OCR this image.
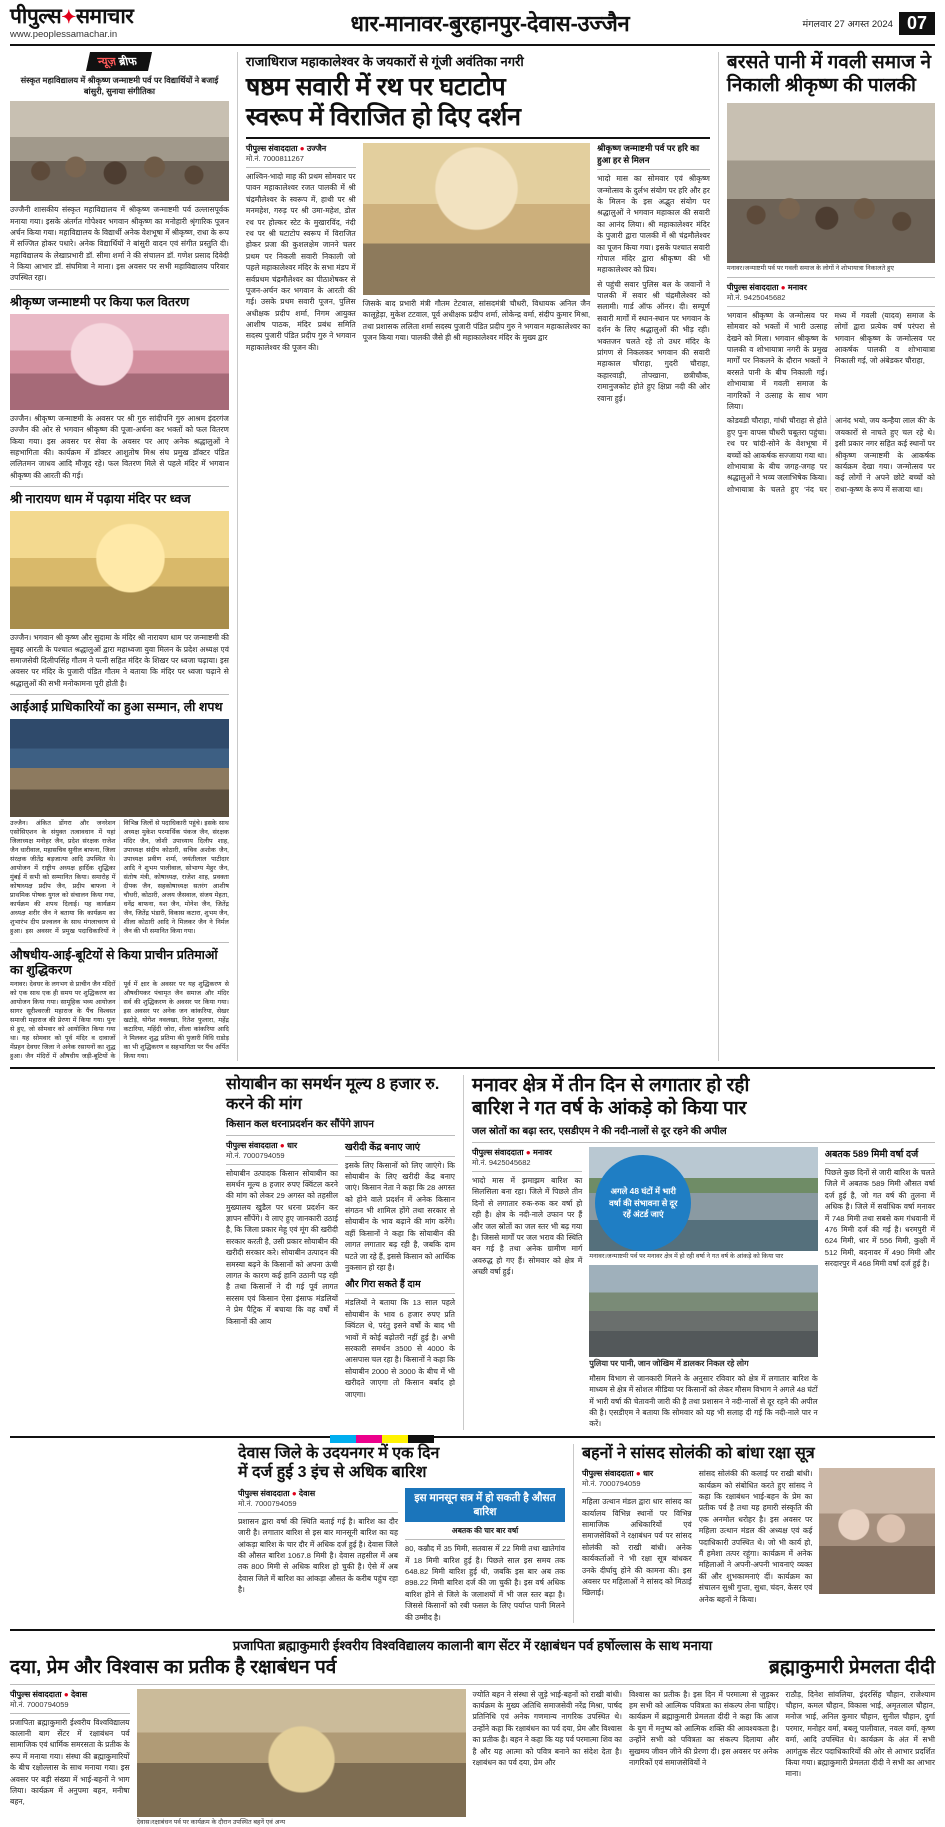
पीपुल्स✦समाचार
www.peoplessamachar.in	धार-मानावर-बुरहानपुर-देवास-उज्जैन	मंगलवार 27 अगस्त 2024 07
न्यूज़ ब्रीफ
संस्कृत महाविद्यालय में श्रीकृष्ण जन्माष्टमी पर्व पर विद्यार्थियों ने बजाई बांसुरी, सुनाया संगीतिका
उज्जैनी शासकीय संस्कृत महाविद्यालय में श्रीकृष्ण जन्माष्टमी पर्व उल्लासपूर्वक मनाया गया। इसके अंतर्गत गोपेश्वर भगवान श्रीकृष्ण का मनोहारी श्रृंगारिक पूजन अर्चन किया गया। महाविद्यालय के विद्यार्थी अनेक वेशभूषा में श्रीकृष्ण, राधा के रूप में सज्जित होकर पधारे। अनेक विद्यार्थियों ने बांसुरी वादन एवं संगीत प्रस्तुति दी। महाविद्यालय के लेखाप्रभारी डॉ. सीमा शर्मा ने की संचालन डॉ. गणेश प्रसाद दिवेदी ने किया आभार डॉ. संघमित्रा ने माना। इस अवसर पर सभी महाविद्यालय परिवार उपस्थित रहा।
श्रीकृष्ण जन्माष्टमी पर किया फल वितरण
उज्जैन। श्रीकृष्ण जन्माष्टमी के अवसर पर श्री गुरु सांदीपनि गुरु आश्रम इंदरगंज उज्जैन की ओर से भगवान श्रीकृष्ण की पूजा-अर्चना कर भक्तों को फल वितरण किया गया। इस अवसर पर सेवा के अवसर पर आए अनेक श्रद्धालुओं ने सहभागिता की। कार्यक्रम में डॉक्टर आशुतोष मिश्र संघ प्रमुख डॉक्टर पंडित ललितमन जाधव आदि मौजूद रहे। फल वितरण मिले से पहले मंदिर में भगवान श्रीकृष्ण की आरती की गई।
श्री नारायण धाम में पढ़ाया मंदिर पर ध्वज
उज्जैन। भगवान श्री कृष्ण और सुदामा के मंदिर श्री नारायण धाम पर जन्माष्टमी की सुबह आरती के पश्चात श्रद्धालुओं द्वारा महाध्वजा युवा मिलन के प्रदेश अध्यक्ष एवं समाजसेवी दिलीपसिंह गौतम ने पत्नी सहित मंदिर के शिखर पर ध्वजा चढ़ाया। इस अवसर पर मंदिर के पुजारी पंडित गौतम ने बताया कि मंदिर पर ध्वजा चढ़ाने से श्रद्धालुओं की सभी मनोकामना पूरी होती है।
आईआई प्राधिकारियों का हुआ सम्मान, ली शपथ
उज्जैन। अंकित डोंगरा और जनरेशन एसोसिएशन के संयुक्त तत्वावधान में यहां जिलाध्यक्ष मनोहर जैन, प्रदेश संरक्षक राजेश जैन धारीवाल, महासचिव सुनील बाफना, जिला संरक्षक जीतेंद्र बड़जात्या आदि उपस्थित थे। आयोजन में राष्ट्रीय अध्यक्ष हार्दिक शुद्धिका मुंबई में सभी को सम्मानित किया। समारोह में कोषाध्यक्ष प्रदीप जैन, प्रदीप बाफना ने प्राथमिक पोषक युगल को संचालन किया गया, कार्यक्रम की शपथ दिलाई। यह कार्यक्रम अध्यक्ष शरीर जैन ने बताया कि कार्यक्रम का शुभारंभ दीप प्रज्वलन के साथ मंगलाचरण से हुआ। इस अवसर में प्रमुख पदाधिकारियों ने विभिन्न जिलों से पदाधिकारी पहुंचे। इसके साथ अध्यक्ष मुकेश परमार्थिक पंकज जैन, संरक्षक मंदिर जैन, जोशी उपाध्याय दिलीप शाह, उपाध्यक्ष संदीप कोठारी, सचिव अशोक जैन, उपाध्यक्ष प्रवीण शर्मा, जयंतीलाल पाटीदार आदि ने शुभम पालीवाल, सोभाग्य मेहुर जैन, संतोष मंत्री, कोषाध्यक्ष, राजेश शाह, प्रवक्ता दीपक जैन, सहकोषाध्यक्ष सतरंग आशीष चौधरी, कोठारी, अजय जैसवाल, संजय मेहता, धनेंद्र बाफना, यश जैन, मोनेश जैन, जितेंद्र जैन, जितेंद्र भंडारी, विकास कटारा, शुभम जैन, शीला कोठारी आदि ने मिलकर जैन ने निर्मल जैन की भी समानित किया गया।
औषधीय-आई-बूटियों से किया प्राचीन प्रतिमाओं का शुद्धिकरण
मनावर। देवघर के लगभग से प्राचीन जैन मंदिरों को एक साथ एक ही समय पर शुद्धिकरण का आयोजन किया गया। सामूहिक भव्य आयोजन सागर सूरीश्वरजी महाराज के पैंच विश्वस्त समाजी महाराज की प्रेरणा में किया गया। पुनः से हुए, जो सोमवार को आयोजित किया गया था। यह सोमवार को पूर्व मंदिर व दावाजों मेंप्रहन देवघर जिला ने अनेक रसायनों का शुद्ध हुआ। जैन मंदिरों में औषधीय जड़ी-बूटियों के पूर्व में क्षार के अवसर पर यह शुद्धिकरण से औषधीयकर पंचामृत जैन समाज और मंदिर सर्व की शुद्धिकरण के अवसर पर किया गया। इस अवसर पर अनेक जन कांकरिया, सेखर खटोड़े, योगेश नवलखा, रितेश फुलारा, महेंद्र कटारिया, महिंदी जोरा, शीला कांकरिया आदि ने मिलकर शुद्ध प्रतिमा की पुजारी विधि राडोड़ का भी शुद्धिकरण व सहभागिता पर पैंच अर्पित किया गया।
राजाधिराज महाकालेश्वर के जयकारों से गूंजी अवंतिका नगरी
षष्ठम सवारी में रथ पर घटाटोप
स्वरूप में विराजित हो दिए दर्शन
पीपुल्स संवाददाता ● उज्जैन
मो.नं. 7000811267
आश्विन-भादो माह की प्रथम सोमवार पर पावन महाकालेश्वर रजत पालकी में श्री चंद्रमौलेश्वर के स्वरूप में, हाथी पर श्री मनमहेश, गरुड़ पर श्री उमा-महेश, डोल रथ पर होल्कर स्टेट के मुखारविंद, नंदी रथ पर श्री घटाटोप स्वरूप में विराजित होकर प्रजा की कुशलक्षेम जानने चलर प्रथम पर निकली सवारी निकाली जो पहले महाकालेश्वर मंदिर के सभा मंडप में सर्वप्रथम चंद्रमौलेश्वर का पीठाशेषकर से पूजन-अर्चन कर भगवान के आरती की गई। उसके प्रथम सवारी पूजन, पुलिस अधीक्षक प्रदीप शर्मा, निगम आयुक्त आशीष पाठक, मंदिर प्रबंध समिति सदस्य पुजारी पंडित प्रदीप गुरु ने भगवान महाकालेश्वर की पूजन की।
जिसके बाद प्रभारी मंत्री गौतम टेटवाल, सांसदमंत्री चौधरी, विधायक अनिल जैन कालूहेड़ा, मुकेश टटवाल, पूर्व अधीक्षक प्रदीप शर्मा, लोकेन्द्र वर्मा, संदीप कुमार मिश्रा, तथा प्रशासक ललिता शर्मा सदस्य पुजारी पंडित प्रदीप गुरु ने भगवान महाकालेश्वर का पूजन किया गया। पालकी जैसे ही श्री महाकालेश्वर मंदिर के मुख्य द्वार
श्रीकृष्ण जन्माष्टमी पर्व पर हरि का हुआ हर से मिलन
भादो मास का सोमवार एवं श्रीकृष्ण जन्मोत्सव के दुर्लभ संयोग पर हरि और हर के मिलन के इस अद्भुत संयोग पर श्रद्धालुओं ने भगवान महाकाल की सवारी का आनंद लिया। श्री महाकालेश्वर मंदिर के पुजारी द्वारा पालकी में श्री चंद्रमौलेश्वर का पूजन किया गया। इसके पश्चात सवारी गोपाल मंदिर द्वारा श्रीकृष्ण की भी महाकालेश्वर को प्रिय।
से पहुंची सवार पुलिस बल के जवानों ने पालकी में सवार श्री चंद्रमौलेश्वर को सलामी। गार्ड ऑफ ऑनर। दी। सम्पूर्ण सवारी मार्गों में स्थान-स्थान पर भगवान के दर्शन के लिए श्रद्धालुओं की भीड़ रही। भक्तजन चलते रहे तो उधर मंदिर के प्रांगण से निकलकर भगवान की सवारी महाकाल चौराहा, गुदरी चौराहा, कहारवाड़ी, तोपखाना, छत्रीचौक, रामानुजकोट होते हुए क्षिप्रा नदी की ओर रवाना हुई।
बरसते पानी में गवली समाज ने निकाली श्रीकृष्ण की पालकी
मनावर।जन्माष्टमी पर्व पर गवली समाज के लोगों ने शोभायात्रा निकालते हुए
पीपुल्स संवाददाता ● मनावर
मो.नं. 9425045682
भगवान श्रीकृष्ण के जन्मोत्सव पर सोमवार को भक्तों में भारी उत्साह देखने को मिला। भगवान श्रीकृष्ण के पालकी व शोभायात्रा नगरी के प्रमुख मार्गों पर निकलने के दौरान भक्तों ने बरसते पानी के बीच निकाली गई। शोभायात्रा में गवली समाज के नागरिकों ने उत्साह के साथ भाग लिया।
मध्य में गवली (यादव) समाज के लोगों द्वारा प्रत्येक वर्ष परंपरा से भगवान श्रीकृष्ण के जन्मोत्सव पर आकर्षक पालकी व शोभायात्रा निकाली गई, जो अंबेडकर चौराहा,
कोडवडी चौराहा, गांधी चौराहा से होते हुए पुनः वापस चौधरी चबूतरा पहुंचा। रथ पर चांदी-सोने के वेशभूषा में बच्चों को आकर्षक सज्जाया गया था। शोभायात्रा के बीच जगह-जगह पर श्रद्धालुओं ने भव्य जलाभिषेक किया। शोभायात्रा के चलते हुए 'नंद घर आनंद भयो, जय कन्हैया लाल की' के जयकारों से नाचते हुए चल रहे थे। इसी प्रकार नगर सहित कई स्थानों पर श्रीकृष्ण जन्माष्टमी के आकर्षक कार्यक्रम देखा गया। जन्मोत्सव पर कई लोगों ने अपने छोटे बच्चों को राधा-कृष्ण के रूप में सजाया था।
सोयाबीन का समर्थन मूल्य 8 हजार रु. करने की मांग
किसान कल धरनाप्रदर्शन कर सौंपेंगे ज्ञापन
पीपुल्स संवाददाता ● धार
मो.नं. 7000794059
सोयाबीन उत्पादक किसान सोयाबीन का समर्थन मूल्य 8 हजार रुपए क्विंटल करने की मांग को लेकर 29 अगस्त को तहसील मुख्यालय खुडैल पर धरना प्रदर्शन कर ज्ञापन सौंपेंगे। वे लाए हुए जानकारी उठाई है, कि जिला प्रकार मेहू एवं मूंग की खरीदी सरकार करती है, उसी प्रकार सोयाबीन की खरीदी सरकार करे। सोयाबीन उत्पादन की समस्या बढ़ने के किसानों को अपना ऊंची लागत के कारण कई हानि उठानी पड़ रही है तथा किसानों ने दी गई पूर्व लागत सरसम एवं किसान ऐसा इंसाफ मंडलियों ने प्रेम पैट्रिक में बचाया कि वह वर्षों में किसानों की आय
खरीदी केंद्र बनाए जाएं
इसके लिए किसानों को लिए जाएंगे। कि सोयाबीन के लिए खरीदी केंद्र बनाए जाएं। किसान नेता ने कहा कि 28 अगस्त को होने वाले प्रदर्शन में अनेक किसान संगठन भी शामिल होंगे तथा सरकार से सोयाबीन के भाव बढ़ाने की मांग करेंगे। वहीं किसानों ने कहा कि सोयाबीन की लागत लगातार बढ़ रही है, जबकि दाम घटते जा रहे हैं, इससे किसान को आर्थिक नुकसान हो रहा है।
और गिरा सकते हैं दाम
मंडलियों ने बताया कि 13 साल पहले सोयाबीन के भाव 6 हजार रुपए प्रति क्विंटल थे, परंतु इसने वर्षों के बाद भी भावों में कोई बढ़ोतरी नहीं हुई है। अभी सरकारी समर्थन 3500 से 4000 के आसपास चल रहा है। किसानों ने कहा कि सोयाबीन 2000 से 3000 के बीच में भी खरीदते जाएगा तो किसान बर्बाद हो जाएगा।
मनावर क्षेत्र में तीन दिन से लगातार हो रही
बारिश ने गत वर्ष के आंकड़े को किया पार
जल स्रोतों का बढ़ा स्तर, एसडीएम ने की नदी-नालों से दूर रहने की अपील
पीपुल्स संवाददाता ● मनावर
मो.नं. 9425045682
भादो मास में झमाझम बारिश का सिलसिला बना रहा। जिले में पिछले तीन दिनों से लगातार रुक-रुक कर वर्षा हो रही है। क्षेत्र के नदी-नाले उफान पर हैं और जल स्रोतों का जल स्तर भी बढ़ गया है। जिससे मार्गों पर जल भराव की स्थिति बन गई है तथा अनेक ग्रामीण मार्ग अवरुद्ध हो गए हैं। सोमवार को क्षेत्र में अच्छी वर्षा हुई।
अगले 48 घंटों में भारी वर्षा की संभावना से दूर रहें अंटर्ड जाएं
मनावर।जन्माष्टमी पर्व पर मनावर क्षेत्र में हो रही वर्षा ने गत वर्ष के आंकड़े को किया पार
पुलिया पर पानी, जान जोखिम में डालकर निकल रहे लोग
मौसम विभाग से जानकारी मिलने के अनुसार रविवार को क्षेत्र में लगातार बारिश के माध्यम से क्षेत्र में सोशल मीडिया पर किसानों को लेकर मौसम विभाग ने अगले 48 घंटों में भारी वर्षा की चेतावनी जारी की है तथा प्रशासन ने नदी-नालों से दूर रहने की अपील की है। एसडीएम ने बताया कि सोमवार को यह भी सलाह दी गई कि नदी-नाले पार न करें।
अबतक 589 मिमी वर्षा दर्ज
पिछले कुछ दिनों से जारी बारिश के चलते जिले में अबतक 589 मिमी औसत वर्षा दर्ज हुई है, जो गत वर्ष की तुलना में अधिक है। जिले में सर्वाधिक वर्षा मनावर में 748 मिमी तथा सबसे कम गंधवानी में 476 मिमी दर्ज की गई है। धरमपुरी में 624 मिमी, धार में 556 मिमी, कुक्षी में 512 मिमी, बदनावर में 490 मिमी और सरदारपुर में 468 मिमी वर्षा दर्ज हुई है।
देवास जिले के उदयनगर में एक दिन
में दर्ज हुई 3 इंच से अधिक बारिश
पीपुल्स संवाददाता ● देवास
मो.नं. 7000794059
प्रशासन द्वारा वर्षा की स्थिति बताई गई है। बारिश का दौर जारी है। लगातार बारिश से इस बार मानसूनी बारिश का यह आंकड़ा बारिश के चार दौर में अधिक दर्ज हुई है। देवास जिले की औसत बारिश 1067.8 मिमी है। देवास तहसील में अब तक 800 मिमी से अधिक बारिश हो चुकी है। ऐसे में अब देवास जिले में बारिश का आंकड़ा औसत के करीब पहुंच रहा है।
इस मानसून सत्र में हो सकती है औसत बारिश
अबतक की चार बार वर्षा
80, कन्नौद में 35 मिमी, सतवास में 22 मिमी तथा खातेगांव में 18 मिमी बारिश हुई है। पिछले साल इस समय तक 648.82 मिमी बारिश हुई थी, जबकि इस बार अब तक 898.22 मिमी बारिश दर्ज की जा चुकी है। इस वर्ष अधिक बारिश होने से जिले के जलाशयों में भी जल स्तर बढ़ा है। जिससे किसानों को रबी फसल के लिए पर्याप्त पानी मिलने की उम्मीद है।
बहनों ने सांसद सोलंकी को बांधा रक्षा सूत्र
पीपुल्स संवाददाता ● धार
मो.नं. 7000794059
महिला उत्थान मंडल द्वारा धार सांसद का कार्यालय विभिन्न स्थानों पर विभिन्न सामाजिक अधिकारियों एवं समाजसेविकों ने रक्षाबंधन पर्व पर सांसद सोलंकी को राखी बांधी। अनेक कार्यकर्ताओं ने भी रक्षा सूत्र बांधकर उनके दीर्घायु होने की कामना की। इस अवसर पर महिलाओं ने सांसद को मिठाई खिलाई।
सांसद सोलंकी की कलाई पर राखी बांधी। कार्यक्रम को संबोधित करते हुए सांसद ने कहा कि रक्षाबंधन भाई-बहन के प्रेम का प्रतीक पर्व है तथा यह हमारी संस्कृति की एक अनमोल धरोहर है। इस अवसर पर महिला उत्थान मंडल की अध्यक्ष एवं कई पदाधिकारी उपस्थित थे। जो भी कार्य हो, मैं हमेशा तत्पर रहूंगा। कार्यक्रम में अनेक महिलाओं ने अपनी-अपनी भावनाएं व्यक्त कीं और शुभकामनाएं दीं। कार्यक्रम का संचालन सुश्री गुप्ता, सुधा, चंदन, केसर एवं अनेक बहनों ने किया।
प्रजापिता ब्रह्माकुमारी ईश्वरीय विश्वविद्यालय कालानी बाग सेंटर में रक्षाबंधन पर्व हर्षोल्लास के साथ मनाया
दया, प्रेम और विश्वास का प्रतीक है रक्षाबंधन पर्व	ब्रह्माकुमारी प्रेमलता दीदी
पीपुल्स संवाददाता ● देवास
मो.नं. 7000794059
प्रजापिता ब्रह्माकुमारी ईश्वरीय विश्वविद्यालय कालानी बाग सेंटर में रक्षाबंधन पर्व सामाजिक एवं धार्मिक समरसता के प्रतीक के रूप में मनाया गया। संस्था की ब्रह्माकुमारियों के बीच रक्षोल्लास के साथ मनाया गया। इस अवसर पर बड़ी संख्या में भाई-बहनों ने भाग लिया। कार्यक्रम में अनुपमा बहन, मनीषा बहन,
देवास।रक्षाबंधन पर्व पर कार्यक्रम के दौरान उपस्थित बहनें एवं अन्य
ज्योति बहन ने संस्था से जुड़े भाई-बहनों को राखी बांधी। कार्यक्रम के मुख्य अतिथि समाजसेवी नरेंद्र मिश्रा, पार्षद प्रतिनिधि एवं अनेक गणमान्य नागरिक उपस्थित थे। उन्होंने कहा कि रक्षाबंधन का पर्व दया, प्रेम और विश्वास का प्रतीक है। बहन ने कहा कि यह पर्व परमात्मा शिव का है और यह आत्मा को पवित्र बनाने का संदेश देता है। रक्षाबंधन का पर्व दया, प्रेम और
विश्वास का प्रतीक है। इस दिन में परमात्मा से जुड़कर हम सभी को आत्मिक पवित्रता का संकल्प लेना चाहिए। कार्यक्रम में ब्रह्माकुमारी प्रेमलता दीदी ने कहा कि आज के युग में मनुष्य को आत्मिक शक्ति की आवश्यकता है। उन्होंने सभी को पवित्रता का संकल्प दिलाया और सुखमय जीवन जीने की प्रेरणा दी। इस अवसर पर अनेक नागरिकों एवं समाजसेवियों ने
राठौड़, दिनेश सांवलिया, इंदरसिंह चौहान, राजेश्याम चौहान, कमल चौहान, विकास भाई, अमृतलाल चौहान, मनोज भाई, अनिल कुमार चौहान, सुनील चौहान, दुर्गा परमार, मनोहर वर्मा, बबलू पालीवाल, नवल वर्मा, कृष्ण वर्मा, आदि उपस्थित थे। कार्यक्रम के अंत में सभी आगंतुक सेंटर पदाधिकारियों की ओर से आभार प्रदर्शित किया गया। ब्रह्माकुमारी प्रेमलता दीदी ने सभी का आभार माना।
